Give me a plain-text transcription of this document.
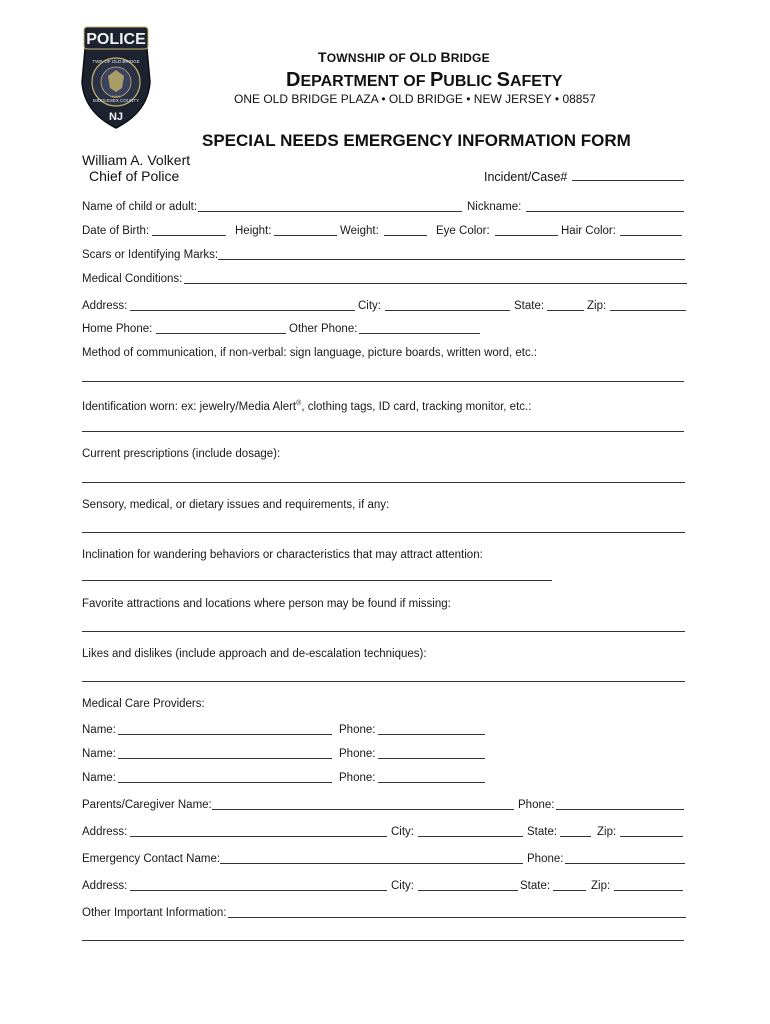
POLICE
TWP. OF OLD BRIDGE
MIDDLESEX COUNTY
1869
NJ
TOWNSHIP OF OLD BRIDGE
DEPARTMENT OF PUBLIC SAFETY
ONE OLD BRIDGE PLAZA • OLD BRIDGE • NEW JERSEY • 08857
SPECIAL NEEDS EMERGENCY INFORMATION FORM
William A. Volkert
Chief of Police	Incident/Case#
Name of child or adult:	Nickname:
Date of Birth:	Height:	Weight:	Eye Color:	Hair Color:
Scars or Identifying Marks:
Medical Conditions:
Address:	City:	State:	Zip:
Home Phone:	Other Phone:
Method of communication, if non-verbal: sign language, picture boards, written word, etc.:
Identification worn: ex: jewelry/Media Alert®, clothing tags, ID card, tracking monitor, etc.:
Current prescriptions (include dosage):
Sensory, medical, or dietary issues and requirements, if any:
Inclination for wandering behaviors or characteristics that may attract attention:
Favorite attractions and locations where person may be found if missing:
Likes and dislikes (include approach and de-escalation techniques):
Medical Care Providers:
Name:	Phone:
Name:	Phone:
Name:	Phone:
Parents/Caregiver Name:	Phone:
Address:	City:	State:	Zip:
Emergency Contact Name:	Phone:
Address:	City:	State:	Zip:
Other Important Information:
